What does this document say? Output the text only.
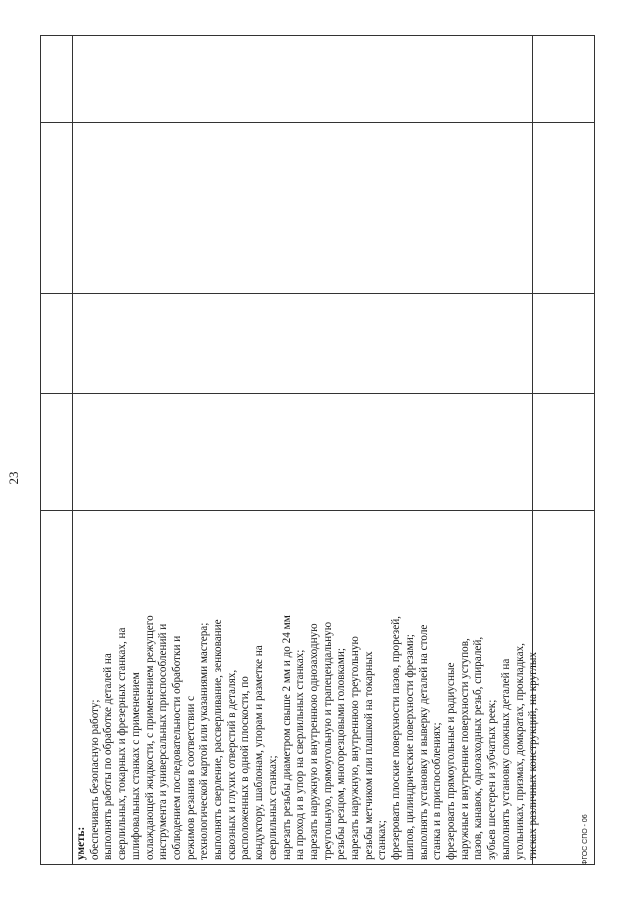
уметь: обеспечивать безопасную работу; выполнять работы по обработке деталей на сверлильных, токарных и фрезерных станках, на шлифовальных станках с применением охлаждающей жидкости, с применением режущего инструмента и универсальных приспособлений и соблюдением последовательности обработки и режимов резания в соответствии с технологической картой или указаниями мастера; выполнять сверление, рассверливание, зенкование сквозных и глухих отверстий в деталях, расположенных в одной плоскости, по кондуктору, шаблонам, упорам и разметке на сверлильных станках; нарезать резьбы диаметром свыше 2 мм и до 24 мм на проход и в упор на сверлильных станках; нарезать наружную и внутреннюю однозаходную треугольную, прямоугольную и трапецеидальную резьбы резцом, многорезцовыми головками; нарезать наружную, внутреннюю треугольную резьбы метчиком или плашкой на токарных станках; фрезеровать плоские поверхности пазов, прорезей, шипов, цилиндрические поверхности фрезами; выполнять установку и выверку деталей на столе станка и в приспособлениях; фрезеровать прямоугольные и радиусные наружные и внутренние поверхности уступов, пазов, канавок, однозаходных резьб, спиралей, зубьев шестерен и зубчатых реек; выполнять установку сложных деталей на угольниках, призмах, домкратах, прокладках, тисках различных конструкций, на круглых
23
ФГОС СПО - 06
